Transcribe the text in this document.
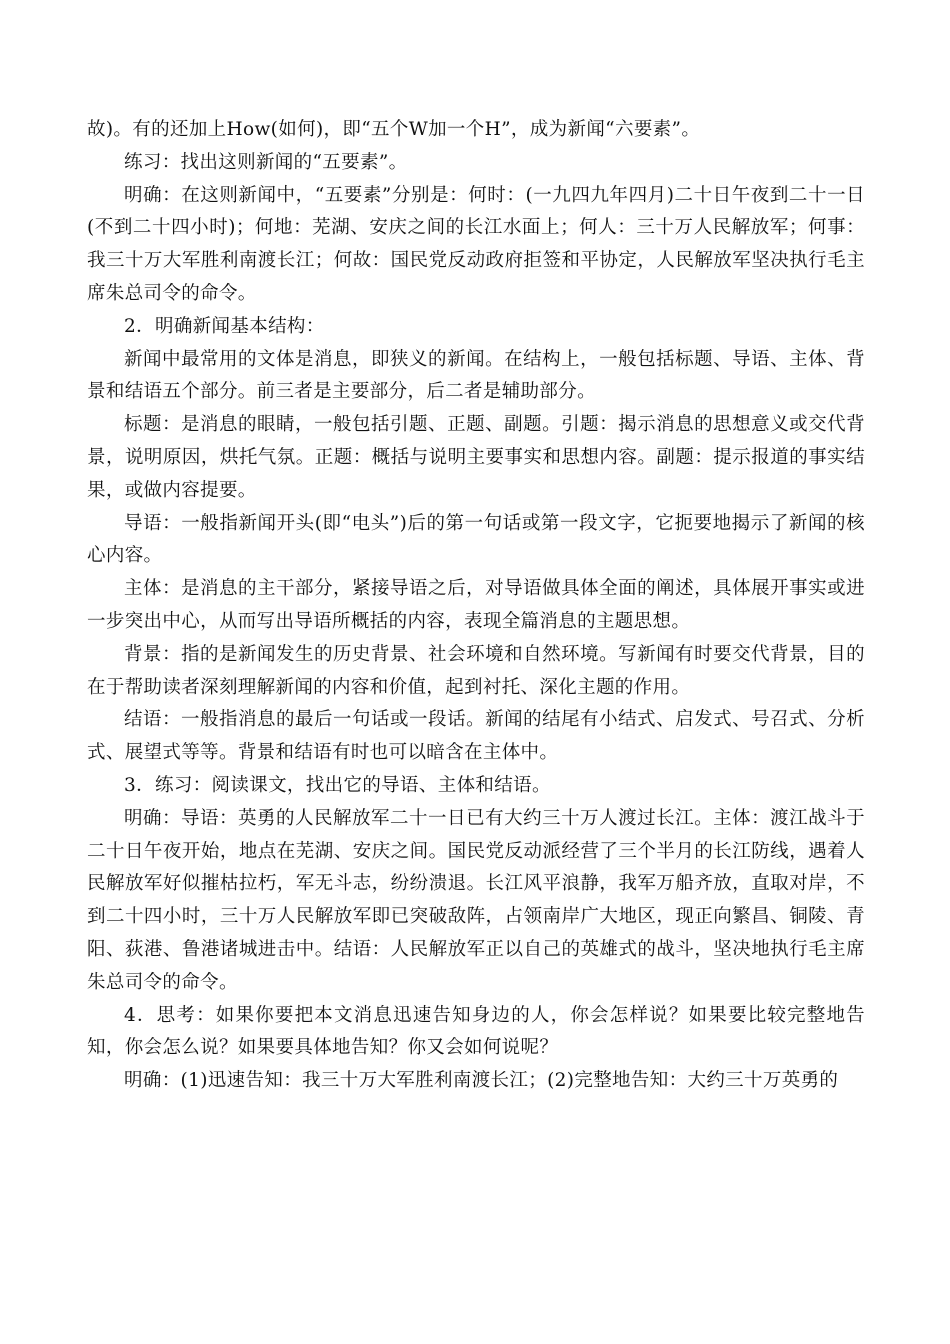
故)。有的还加上How(如何)，即“五个W加一个H”，成为新闻“六要素”。

练习：找出这则新闻的“五要素”。

明确：在这则新闻中，“五要素”分别是：何时：(一九四九年四月)二十日午夜到二十一日(不到二十四小时)；何地：芜湖、安庆之间的长江水面上；何人：三十万人民解放军；何事：我三十万大军胜利南渡长江；何故：国民党反动政府拒签和平协定，人民解放军坚决执行毛主席朱总司令的命令。

2．明确新闻基本结构：

新闻中最常用的文体是消息，即狭义的新闻。在结构上，一般包括标题、导语、主体、背景和结语五个部分。前三者是主要部分，后二者是辅助部分。

标题：是消息的眼睛，一般包括引题、正题、副题。引题：揭示消息的思想意义或交代背景，说明原因，烘托气氛。正题：概括与说明主要事实和思想内容。副题：提示报道的事实结果，或做内容提要。

导语：一般指新闻开头(即“电头”)后的第一句话或第一段文字，它扼要地揭示了新闻的核心内容。

主体：是消息的主干部分，紧接导语之后，对导语做具体全面的阐述，具体展开事实或进一步突出中心，从而写出导语所概括的内容，表现全篇消息的主题思想。

背景：指的是新闻发生的历史背景、社会环境和自然环境。写新闻有时要交代背景，目的在于帮助读者深刻理解新闻的内容和价值，起到衬托、深化主题的作用。

结语：一般指消息的最后一句话或一段话。新闻的结尾有小结式、启发式、号召式、分析式、展望式等等。背景和结语有时也可以暗含在主体中。

3．练习：阅读课文，找出它的导语、主体和结语。

明确：导语：英勇的人民解放军二十一日已有大约三十万人渡过长江。主体：渡江战斗于二十日午夜开始，地点在芜湖、安庆之间。国民党反动派经营了三个半月的长江防线，遇着人民解放军好似摧枯拉朽，军无斗志，纷纷溃退。长江风平浪静，我军万船齐放，直取对岸，不到二十四小时，三十万人民解放军即已突破敌阵，占领南岸广大地区，现正向繁昌、铜陵、青阳、荻港、鲁港诸城进击中。结语：人民解放军正以自己的英雄式的战斗，坚决地执行毛主席朱总司令的命令。

4．思考：如果你要把本文消息迅速告知身边的人，你会怎样说？如果要比较完整地告知，你会怎么说？如果要具体地告知？你又会如何说呢？

明确：(1)迅速告知：我三十万大军胜利南渡长江；(2)完整地告知：大约三十万英勇的
